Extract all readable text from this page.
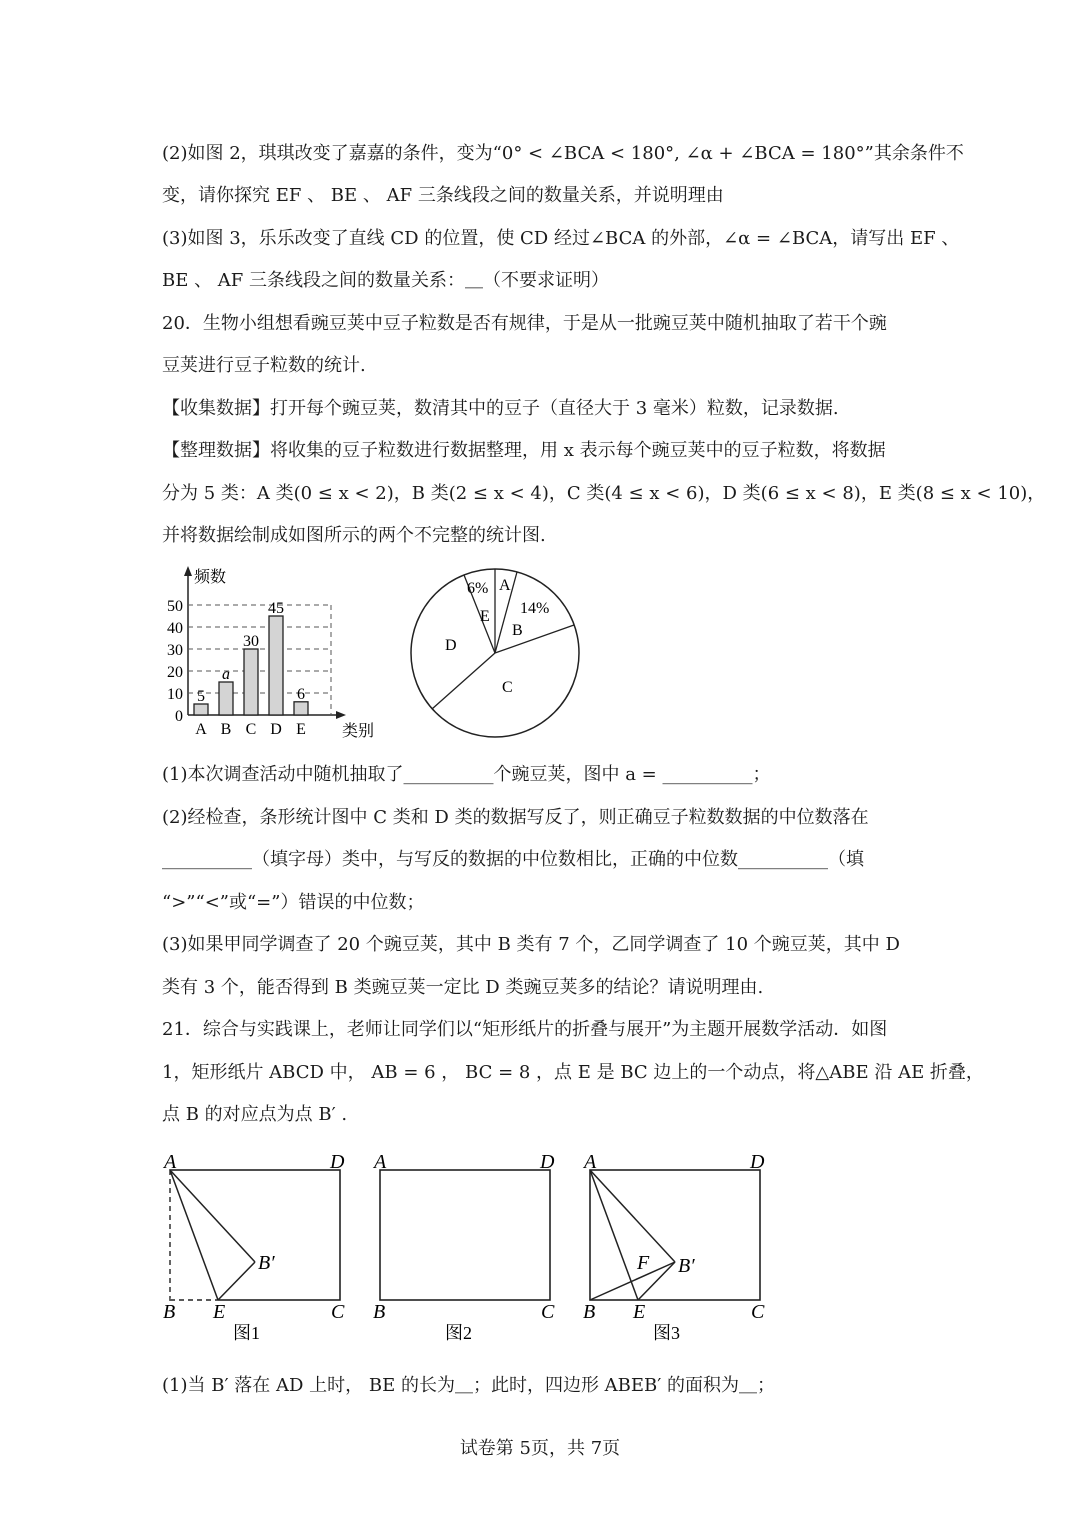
(2)如图 2，琪琪改变了嘉嘉的条件，变为“0° < ∠BCA < 180°, ∠α + ∠BCA = 180°”其余条件不
变，请你探究 EF 、 BE 、 AF 三条线段之间的数量关系，并说明理由
(3)如图 3，乐乐改变了直线 CD 的位置，使 CD 经过∠BCA 的外部，∠α = ∠BCA，请写出 EF 、
BE 、 AF 三条线段之间的数量关系：＿（不要求证明）
20．生物小组想看豌豆荚中豆子粒数是否有规律，于是从一批豌豆荚中随机抽取了若干个豌
豆荚进行豆子粒数的统计.
【收集数据】打开每个豌豆荚，数清其中的豆子（直径大于 3 毫米）粒数，记录数据.
【整理数据】将收集的豆子粒数进行数据整理，用 x 表示每个豌豆荚中的豆子粒数，将数据
分为 5 类：A 类(0 ≤ x < 2)，B 类(2 ≤ x < 4)，C 类(4 ≤ x < 6)，D 类(6 ≤ x < 8)，E 类(8 ≤ x < 10)，
并将数据绘制成如图所示的两个不完整的统计图.
频数
类别
0
10
20
30
40
50
A B C D E
5
a
30
45
6
6% A
E 14%
B
D
C
(1)本次调查活动中随机抽取了__________个豌豆荚，图中 a = __________；
(2)经检查，条形统计图中 C 类和 D 类的数据写反了，则正确豆子粒数数据的中位数落在
__________（填字母）类中，与写反的数据的中位数相比，正确的中位数__________（填
“>”“<”或“=”）错误的中位数；
(3)如果甲同学调查了 20 个豌豆荚，其中 B 类有 7 个，乙同学调查了 10 个豌豆荚，其中 D
类有 3 个，能否得到 B 类豌豆荚一定比 D 类豌豆荚多的结论？请说明理由.
21．综合与实践课上，老师让同学们以“矩形纸片的折叠与展开”为主题开展数学活动．如图
1，矩形纸片 ABCD 中， AB = 6 ， BC = 8 ，点 E 是 BC 边上的一个动点，将△ABE 沿 AE 折叠，
点 B 的对应点为点 B′ .
A	D
B E	C
B′
图1
A	D
B	C
图2
A	D
B E	C
F B′
图3
(1)当 B′ 落在 AD 上时， BE 的长为＿；此时，四边形 ABEB′ 的面积为＿；
试卷第 5页，共 7页
